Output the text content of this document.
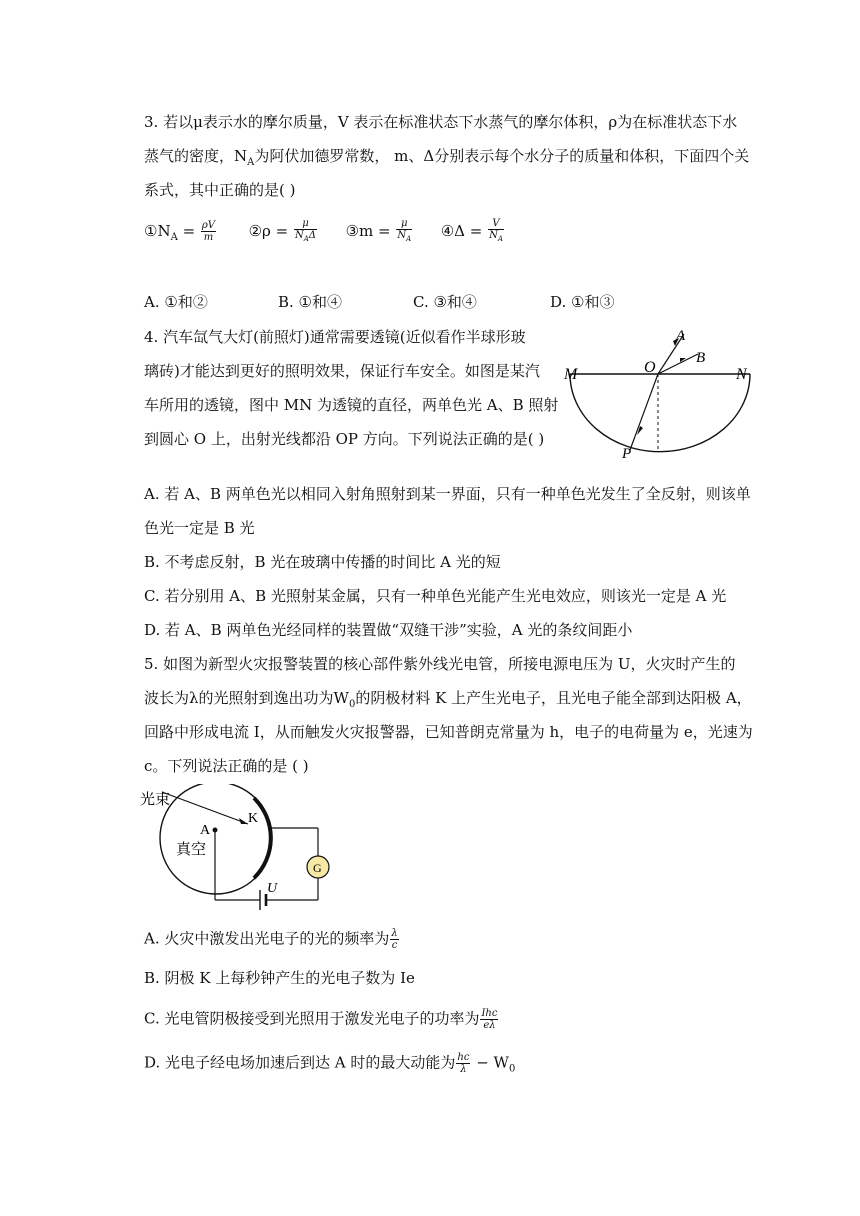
3. 若以μ表示水的摩尔质量，V 表示在标准状态下水蒸气的摩尔体积，ρ为在标准状态下水
蒸气的密度，$N_A$为阿伏加德罗常数， m、Δ分别表示每个水分子的质量和体积，下面四个关
系式，其中正确的是( )
$①N_A = \frac{\rho V}{m}$ ②ρ = $\frac{\mu}{N_A\Delta}$ ③m = $\frac{\mu}{N_A}$ ④Δ = $\frac{V}{N_A}$
A. ①和②	B. ①和④	C. ③和④	D. ①和③
4. 汽车氙气大灯(前照灯)通常需要透镜(近似看作半球形玻
璃砖)才能达到更好的照明效果，保证行车安全。如图是某汽
车所用的透镜，图中 MN 为透镜的直径，两单色光 A、B 照射
到圆心 O 上，出射光线都沿 OP 方向。下列说法正确的是( )
M	N
O
A
B
P
A. 若 A、B 两单色光以相同入射角照射到某一界面，只有一种单色光发生了全反射，则该单
色光一定是 B 光
B. 不考虑反射，B 光在玻璃中传播的时间比 A 光的短
C. 若分别用 A、B 光照射某金属，只有一种单色光能产生光电效应，则该光一定是 A 光
D. 若 A、B 两单色光经同样的装置做“双缝干涉”实验，A 光的条纹间距小
5. 如图为新型火灾报警装置的核心部件紫外线光电管，所接电源电压为 U，火灾时产生的
波长为λ的光照射到逸出功为$W_0$的阴极材料 K 上产生光电子，且光电子能全部到达阳极 A，
回路中形成电流 I，从而触发火灾报警器，已知普朗克常量为 h，电子的电荷量为 e，光速为
c。下列说法正确的是 ( )
光束
真空
A
K
G
U
A. 火灾中激发出光电子的光的频率为 $\frac{\lambda}{c}$
B. 阴极 K 上每秒钟产生的光电子数为 Ie
C. 光电管阴极接受到光照用于激发光电子的功率为 $\frac{\text{Ihc}}{e\lambda}$
D. 光电子经电场加速后到达 A 时的最大动能为 $\frac{hc}{\lambda} - W_0$
